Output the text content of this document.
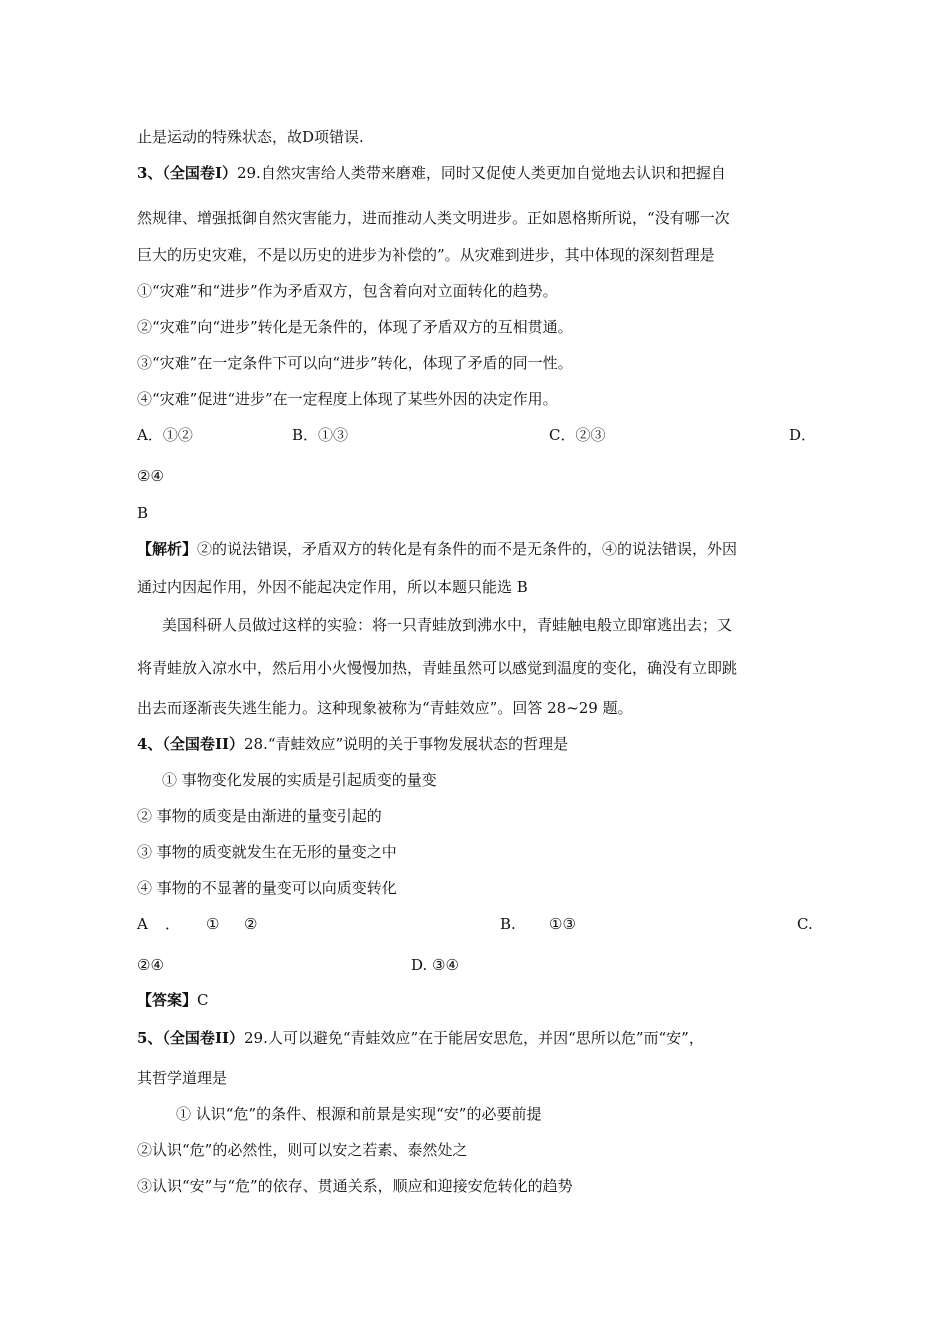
止是运动的特殊状态，故D项错误.
3、（全国卷Ⅰ）29.自然灾害给人类带来磨难，同时又促使人类更加自觉地去认识和把握自
然规律、增强抵御自然灾害能力，进而推动人类文明进步。正如恩格斯所说，“没有哪一次
巨大的历史灾难，不是以历史的进步为补偿的”。从灾难到进步，其中体现的深刻哲理是
①“灾难”和“进步”作为矛盾双方，包含着向对立面转化的趋势。
②“灾难”向“进步”转化是无条件的，体现了矛盾双方的互相贯通。
③“灾难”在一定条件下可以向“进步”转化，体现了矛盾的同一性。
④“灾难”促进“进步”在一定程度上体现了某些外因的决定作用。
A．①②	B．①③	C．②③	D．
②④
B
【解析】②的说法错误，矛盾双方的转化是有条件的而不是无条件的，④的说法错误，外因
通过内因起作用，外因不能起决定作用，所以本题只能选 B
美国科研人员做过这样的实验：将一只青蛙放到沸水中，青蛙触电般立即窜逃出去；又
将青蛙放入凉水中，然后用小火慢慢加热，青蛙虽然可以感觉到温度的变化，确没有立即跳
出去而逐渐丧失逃生能力。这种现象被称为“青蛙效应”。回答 28~29 题。
4、（全国卷II）28.“青蛙效应”说明的关于事物发展状态的哲理是
① 事物变化发展的实质是引起质变的量变
② 事物的质变是由渐进的量变引起的
③ 事物的质变就发生在无形的量变之中
④ 事物的不显著的量变可以向质变转化
A ． ① ②	B. ①③	C.
②④	D. ③④
【答案】C
5、（全国卷II）29.人可以避免“青蛙效应”在于能居安思危，并因“思所以危”而“安”，
其哲学道理是
① 认识“危”的条件、根源和前景是实现“安”的必要前提
②认识“危”的必然性，则可以安之若素、泰然处之
③认识“安”与“危”的依存、贯通关系，顺应和迎接安危转化的趋势
